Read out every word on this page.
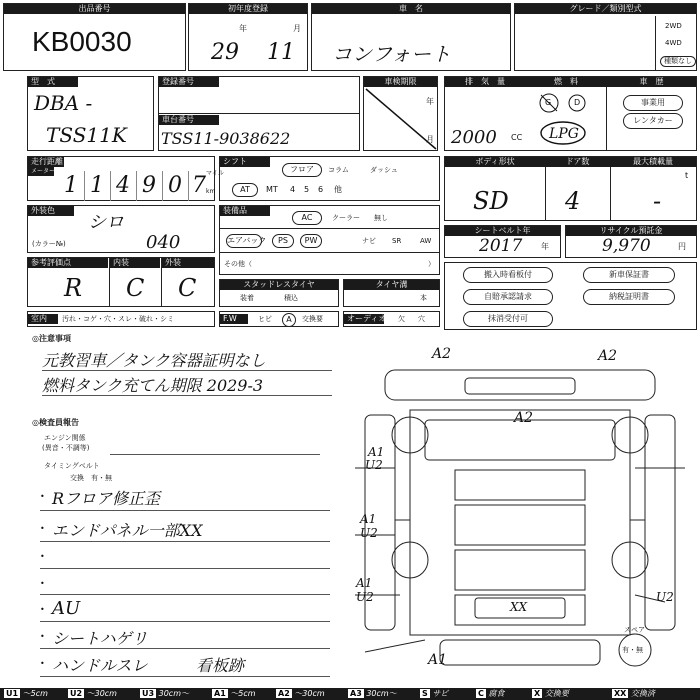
出品番号
KB0030
初年度登録
年	月
29 11
車　名
コンフォート
グレード／類別型式
2WD
4WD
種類なし
型　式
DBA -
TSS11K
登録番号
車台番号
TSS11-9038622
車検期限
年
月
排　気　量	燃　料	車　歴
2000 CC
G	D
LPG
事業用
レンタカー
走行距離
メーター
1 1 4 9 0 7 マイル
km
シフト
フロア	コラム	ダッシュ
AT	MT 4 5 6 他
ボディ形状	ドア数	最大積載量
SD 4
t
-
外装色
シロ
(カラー№)	040
装備品
AC	クーラー 無し
エアバック	PS	PW	ナビ SR	AW
その他（	）
シートベルト年
2017 年
リサイクル預託金
9,970	円
参考評価点	内装	外装
R C C	スタッドレスタイヤ
装着	積込
タイヤ溝
本
搬入時看板付
自賠承認請求
抹消受付可
新車保証書
納税証明書
室内	汚れ・コゲ・穴・スレ・破れ・シミ	F.W	ヒビ	A	交換要	オーディオ 欠 穴
◎注意事項
元教習車／タンク容器証明なし
燃料タンク充てん期限 2029-3
◎検査員報告
エンジン関係
(異音・不調等)
タイミングベルト
交換　有・無
• Rフロア修正歪
• エンドパネル一部XX
•
•
• AU
• シートハゲリ
• ハンドルスレ	看板跡
A2	A2
A2
A1
U2
A1
U2
A1
U2
XX
U2
A1
スペア
有・無
U1 ～5cm	U2 ～30cm	U3 30cm～	A1 ～5cm	A2 ～30cm	A3 30cm～	S サビ	C 腐食	X 交換要	XX 交換済
